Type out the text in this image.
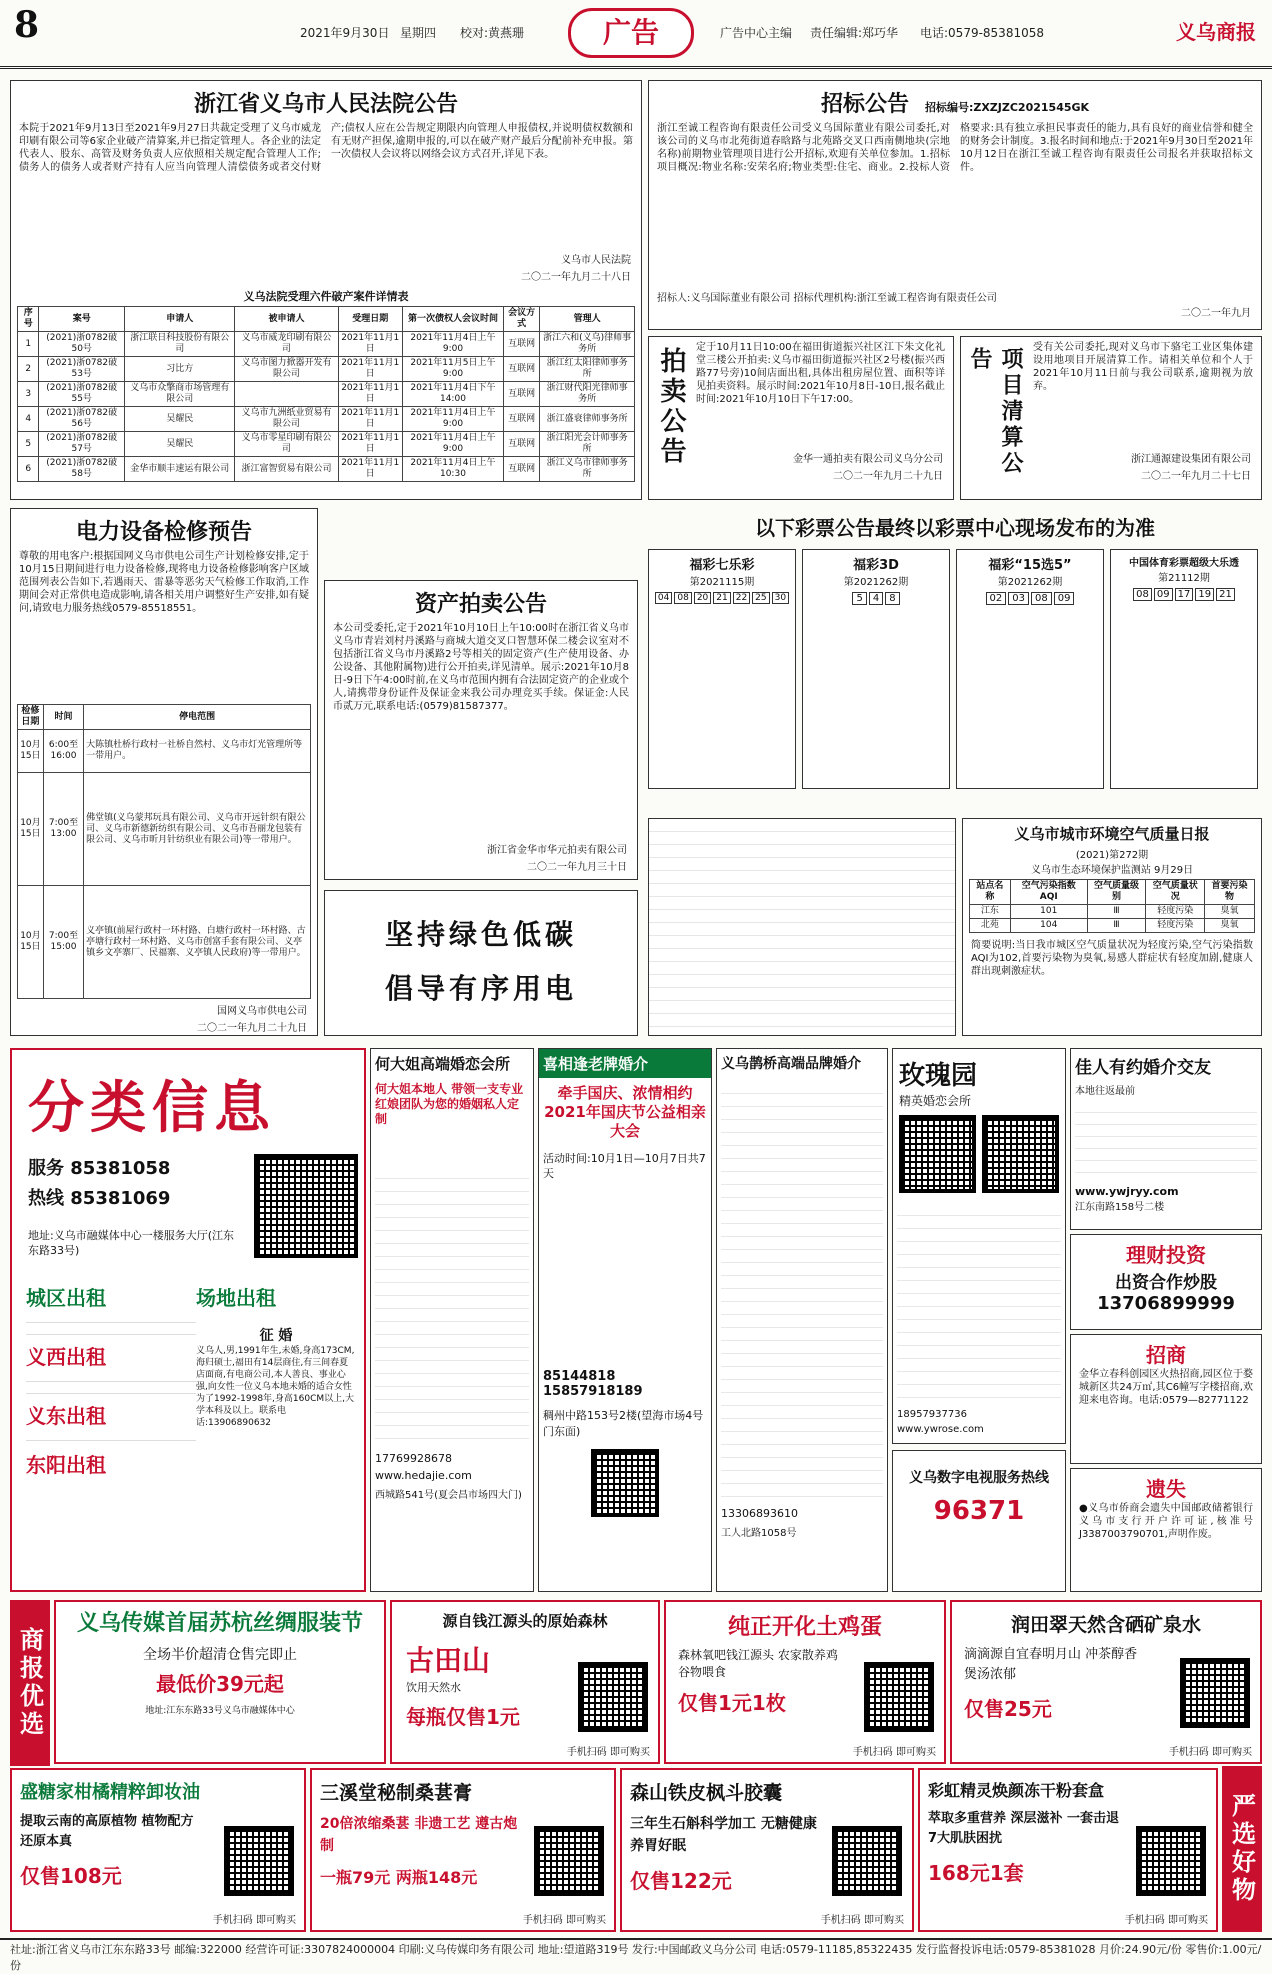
8	2021年9月30日 星期四 校对:黄燕珊	广告	广告中心主编 责任编辑:郑巧华 电话:0579-85381058	义乌商报
浙江省义乌市人民法院公告
本院于2021年9月13日至2021年9月27日共裁定受理了义乌市威龙印刷有限公司等6家企业破产清算案,并已指定管理人。各企业的法定代表人、股东、高管及财务负责人应依照相关规定配合管理人工作;债务人的债务人或者财产持有人应当向管理人清偿债务或者交付财产;债权人应在公告规定期限内向管理人申报债权,并说明债权数额和有无财产担保,逾期申报的,可以在破产财产最后分配前补充申报。第一次债权人会议将以网络会议方式召开,详见下表。
义乌市人民法院
二〇二一年九月二十八日
义乌法院受理六件破产案件详情表
序号	案号	申请人	被申请人	受理日期	第一次债权人会议时间	会议方式	管理人
1	(2021)浙0782破50号	浙江联日科技股份有限公司	义乌市威龙印刷有限公司	2021年11月1日	2021年11月4日上午9:00	互联网	浙江六和(义乌)律师事务所
2	(2021)浙0782破53号	习比方	义乌市图力掀器开发有限公司	2021年11月1日	2021年11月5日上午9:00	互联网	浙江红太阳律师事务所
3	(2021)浙0782破55号	义乌市众擎商市场管理有限公司		2021年11月1日	2021年11月4日下午14:00	互联网	浙江财代阳光律师事务所
4	(2021)浙0782破56号	吴耀民	义乌市九洲纸业贸易有限公司	2021年11月1日	2021年11月4日上午9:00	互联网	浙江盛衰律师事务所
5	(2021)浙0782破57号	吴耀民	义乌市零星印刷有限公司	2021年11月1日	2021年11月4日上午9:00	互联网	浙江阳光会计师事务所
6	(2021)浙0782破58号	金华市顺丰速运有限公司	浙江富智贸易有限公司	2021年11月1日	2021年11月4日上午10:30	互联网	浙江义乌市律师事务所
招标公告 招标编号:ZXZJZC2021545GK
浙江至诚工程咨询有限责任公司受义乌国际董业有限公司委托,对该公司的义乌市北苑街道春晗路与北苑路交叉口西南侧地块(宗地名称)前期物业管理项目进行公开招标,欢迎有关单位参加。1.招标项目概况:物业名称:安荣名府;物业类型:住宅、商业。2.投标人资格要求:具有独立承担民事责任的能力,具有良好的商业信誉和健全的财务会计制度。3.报名时间和地点:于2021年9月30日至2021年10月12日在浙江至诚工程咨询有限责任公司报名并获取招标文件。
招标人:义乌国际董业有限公司 招标代理机构:浙江至诚工程咨询有限责任公司
二〇二一年九月
拍卖公告	定于10月11日10:00在福田街道振兴社区江下朱文化礼堂三楼公开拍卖:义乌市福田街道振兴社区2号楼(振兴西路77号旁)10间店面出租,具体出租房屋位置、面积等详见拍卖资料。展示时间:2021年10月8日-10日,报名截止时间:2021年10月10日下午17:00。
金华一通拍卖有限公司义乌分公司
二〇二一年九月二十九日	项目清算公告	受有关公司委托,现对义乌市下骆宅工业区集体建设用地项目开展清算工作。请相关单位和个人于2021年10月11日前与我公司联系,逾期视为放弃。
浙江通源建设集团有限公司
二〇二一年九月二十七日
电力设备检修预告
尊敬的用电客户:根据国网义乌市供电公司生产计划检修安排,定于10月15日期间进行电力设备检修,现将电力设备检修影响客户区域范围列表公告如下,若遇雨天、雷暴等恶劣天气检修工作取消,工作期间会对正常供电造成影响,请各相关用户调整好生产安排,如有疑问,请致电力服务热线0579-85518551。
检修日期	时间	停电范围
10月15日	6:00至16:00	大陈镇杜桥行政村一社桥自然村、义乌市灯光管理所等一带用户。
10月15日	7:00至13:00	佛堂镇(义乌蒙邦玩具有限公司、义乌市开远针织有限公司、义乌市新德新纺织有限公司、义乌市吾丽龙包装有限公司、义乌市昕月针纺织业有限公司)等一带用户。
10月15日	7:00至15:00	义亭镇(前屋行政村一环村路、白塘行政村一环村路、古亭塘行政村一环村路、义乌市创富手套有限公司、义亭镇乡文亭寨厂、民福寨、义亭镇人民政府)等一带用户。
国网义乌市供电公司
二〇二一年九月二十九日
资产拍卖公告
本公司受委托,定于2021年10月10日上午10:00时在浙江省义乌市义乌市青岩刘村丹溪路与商城大道交叉口智慧环保二楼会议室对不包括浙江省义乌市丹溪路2号等相关的固定资产(生产使用设备、办公设备、其他附属物)进行公开拍卖,详见清单。展示:2021年10月8日-9日下午4:00时前,在义乌市范围内拥有合法固定资产的企业或个人,请携带身份证件及保证金来我公司办理竞买手续。保证金:人民币贰万元,联系电话:(0579)81587377。
浙江省金华市华元拍卖有限公司
二〇二一年九月三十日
坚持绿色低碳
倡导有序用电
以下彩票公告最终以彩票中心现场发布的为准
福彩七乐彩
第2021115期
04 08 20 21 22 25 30
福彩3D
第2021262期
5	4	8
福彩“15选5”
第2021262期
02	03	08	09
中国体育彩票超级大乐透
第21112期
08 09 17 19 21
义乌市城市环境空气质量日报
(2021)第272期
义乌市生态环境保护监测站 9月29日
站点名称	空气污染指数AQI	空气质量级别	空气质量状况	首要污染物
江东	101	Ⅲ	轻度污染	臭氧
北苑	104	Ⅲ	轻度污染	臭氧
简要说明:当日我市城区空气质量状况为轻度污染,空气污染指数AQI为102,首要污染物为臭氧,易感人群症状有轻度加剧,健康人群出现刺激症状。
分类信息
服务 85381058
热线 85381069
地址:义乌市融媒体中心一楼服务大厅(江东东路33号)
城区出租
义西出租
义东出租
东阳出租
场地出租
征 婚
义乌人,男,1991年生,未婚,身高173CM,海归硕士,福田有14层商住,有三间春夏店面商,有电商公司,本人善良、事业心强,向女性一位义乌本地未婚的适合女性为了1992-1998年,身高160CM以上,大学本科及以上。联系电话:13906890632
何大姐高端婚恋会所
何大姐本地人 带领一支专业红娘团队为您的婚姻私人定制
17769928678
www.hedajie.com
西城路541号(夏会昌市场四大门)
喜相逢老牌婚介
牵手国庆、浓情相约 2021年国庆节公益相亲大会
活动时间:10月1日—10月7日共7天
85144818 15857918189
稠州中路153号2楼(望海市场4号门东面)
义乌鹊桥高端品牌婚介
13306893610
工人北路1058号
玫瑰园
精英婚恋会所
18957937736
www.ywrose.com
佳人有约婚介交友
本地往返最前
www.ywjryy.com
江东南路158号二楼
理财投资
出资合作炒股
13706899999
招商
金华立春科创园区火热招商,园区位于婺城新区共24万㎡,其C6幢写字楼招商,欢迎来电咨询。电话:0579—82771122
义乌数字电视服务热线
96371
遗失
●义乌市侨商会遗失中国邮政储蓄银行义乌市支行开户许可证,核准号J3387003790701,声明作废。
商报优选
严选好物
义乌传媒首届苏杭丝绸服装节
全场半价超清仓售完即止
最低价39元起
地址:江东东路33号义乌市融媒体中心
源自钱江源头的原始森林
古田山
饮用天然水
每瓶仅售1元
手机扫码 即可购买
纯正开化土鸡蛋
森林氧吧钱江源头 农家散养鸡谷物喂食
仅售1元1枚
手机扫码 即可购买
润田翠天然含硒矿泉水
滴滴源自宜春明月山 冲茶醇香 煲汤浓郁
仅售25元
手机扫码 即可购买
盛糖家柑橘精粹卸妆油
提取云南的高原植物 植物配方 还原本真
仅售108元
手机扫码 即可购买
三溪堂秘制桑葚膏
20倍浓缩桑葚 非遗工艺 遵古炮制
一瓶79元 两瓶148元
手机扫码 即可购买
森山铁皮枫斗胶囊
三年生石斛科学加工 无糖健康 养胃好眠
仅售122元
手机扫码 即可购买
彩虹精灵焕颜冻干粉套盒
萃取多重营养 深层滋补 一套击退7大肌肤困扰
168元1套
手机扫码 即可购买
社址:浙江省义乌市江东东路33号 邮编:322000 经营许可证:3307824000004 印刷:义乌传媒印务有限公司 地址:望道路319号 发行:中国邮政义乌分公司 电话:0579-11185,85322435 发行监督投诉电话:0579-85381028 月价:24.90元/份 零售价:1.00元/份
